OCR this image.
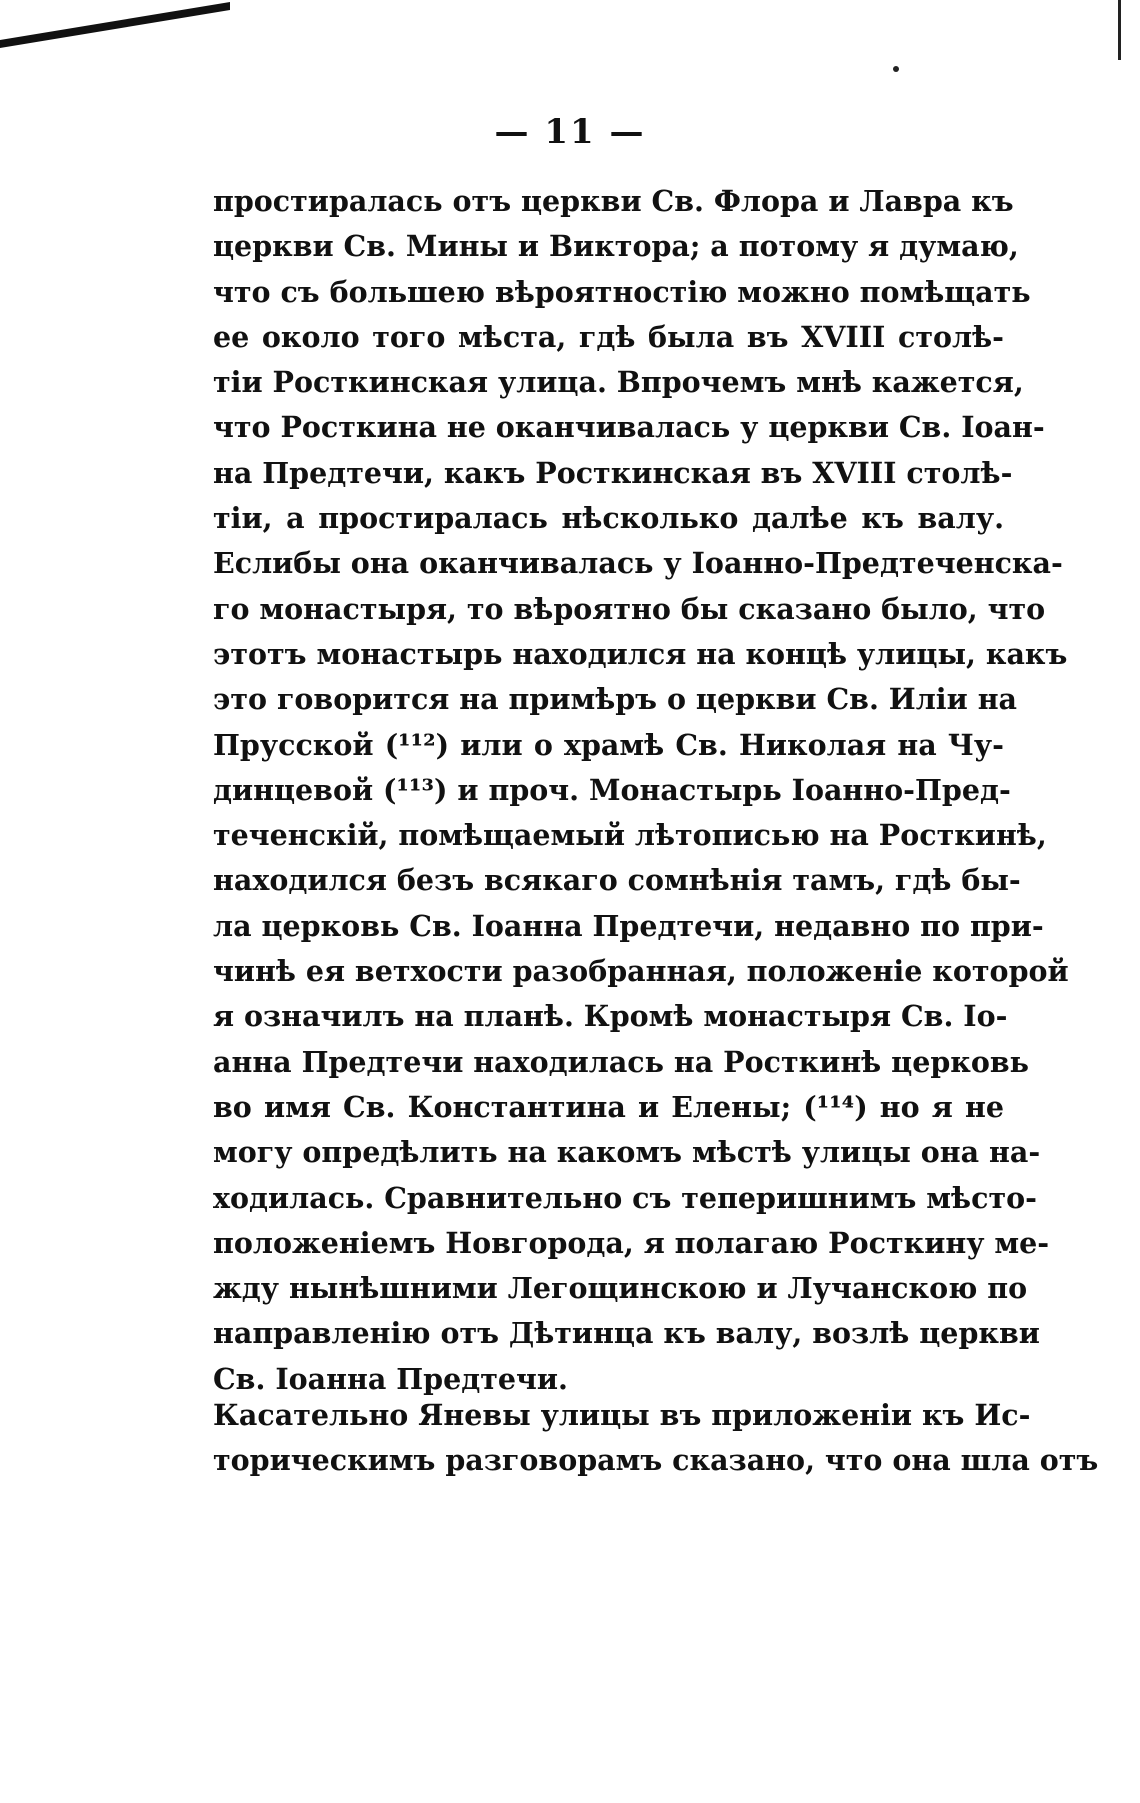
— 11 —
простиралась отъ церкви Св. Флора и Лавра къ
церкви Св. Мины и Виктора; а потому я думаю,
что съ большею вѣроятностію можно помѣщать
ее около того мѣста, гдѣ была въ XVIII столѣ-
тіи Росткинская улица. Впрочемъ мнѣ кажется,
что Росткина не оканчивалась у церкви Св. Іоан-
на Предтечи, какъ Росткинская въ XVIII столѣ-
тіи, а простиралась нѣсколько далѣе къ валу.
Еслибы она оканчивалась у Іоанно-Предтеченска-
го монастыря, то вѣроятно бы сказано было, что
этотъ монастырь находился на концѣ улицы, какъ
это говорится на примѣръ о церкви Св. Иліи на
Прусской (¹¹²) или о храмѣ Св. Николая на Чу-
динцевой (¹¹³) и проч. Монастырь Іоанно-Пред-
теченскій, помѣщаемый лѣтописью на Росткинѣ,
находился безъ всякаго сомнѣнія тамъ, гдѣ бы-
ла церковь Св. Іоанна Предтечи, недавно по при-
чинѣ ея ветхости разобранная, положеніе которой
я означилъ на планѣ. Кромѣ монастыря Св. Іо-
анна Предтечи находилась на Росткинѣ церковь
во имя Св. Константина и Елены; (¹¹⁴) но я не
могу опредѣлить на какомъ мѣстѣ улицы она на-
ходилась. Сравнительно съ теперишнимъ мѣсто-
положеніемъ Новгорода, я полагаю Росткину ме-
жду нынѣшними Легощинскою и Лучанскою по
направленію отъ Дѣтинца къ валу, возлѣ церкви
Св. Іоанна Предтечи.
Касательно Яневы улицы въ приложеніи къ Ис-
торическимъ разговорамъ сказано, что она шла отъ
